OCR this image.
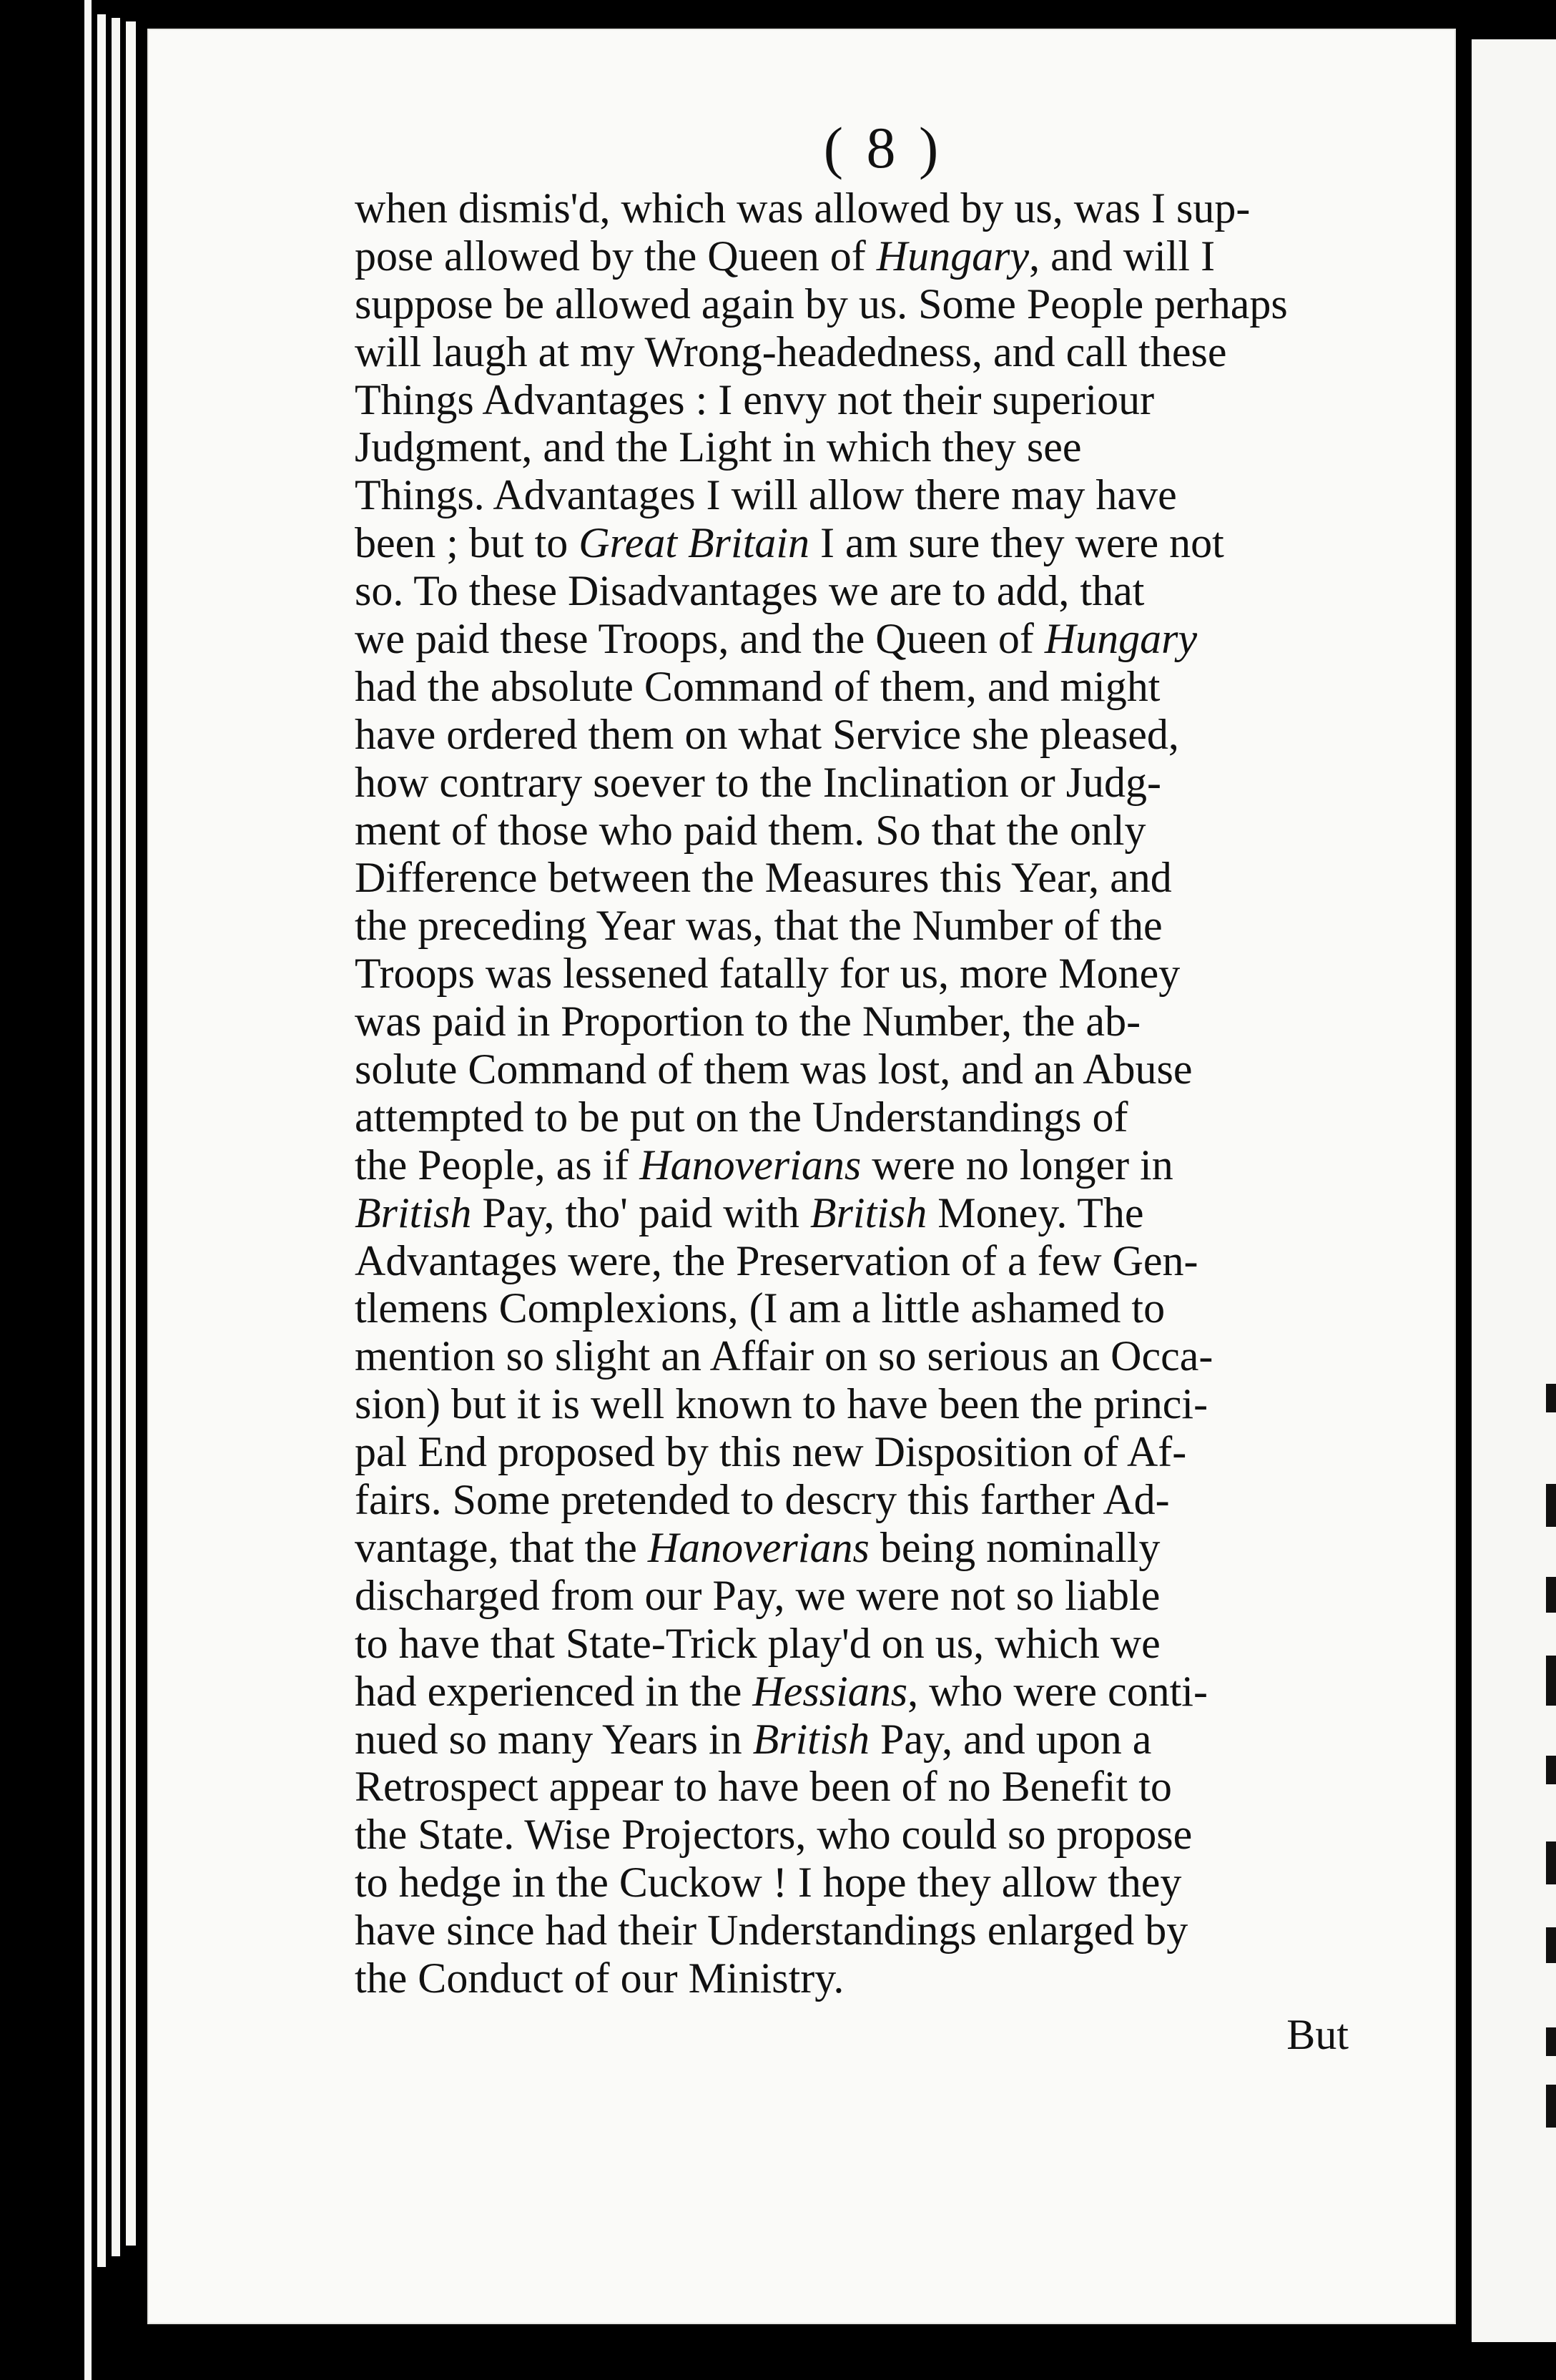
( 8 )
when dismis'd, which was allowed by us, was I sup-
pose allowed by the Queen of Hungary, and will I
suppose be allowed again by us. Some People perhaps
will laugh at my Wrong-headedness, and call these
Things Advantages : I envy not their superiour
Judgment, and the Light in which they see
Things. Advantages I will allow there may have
been ; but to Great Britain I am sure they were not
so. To these Disadvantages we are to add, that
we paid these Troops, and the Queen of Hungary
had the absolute Command of them, and might
have ordered them on what Service she pleased,
how contrary soever to the Inclination or Judg-
ment of those who paid them. So that the only
Difference between the Measures this Year, and
the preceding Year was, that the Number of the
Troops was lessened fatally for us, more Money
was paid in Proportion to the Number, the ab-
solute Command of them was lost, and an Abuse
attempted to be put on the Understandings of
the People, as if Hanoverians were no longer in
British Pay, tho' paid with British Money. The
Advantages were, the Preservation of a few Gen-
tlemens Complexions, (I am a little ashamed to
mention so slight an Affair on so serious an Occa-
sion) but it is well known to have been the princi-
pal End proposed by this new Disposition of Af-
fairs. Some pretended to descry this farther Ad-
vantage, that the Hanoverians being nominally
discharged from our Pay, we were not so liable
to have that State-Trick play'd on us, which we
had experienced in the Hessians, who were conti-
nued so many Years in British Pay, and upon a
Retrospect appear to have been of no Benefit to
the State. Wise Projectors, who could so propose
to hedge in the Cuckow ! I hope they allow they
have since had their Understandings enlarged by
the Conduct of our Ministry.
But
